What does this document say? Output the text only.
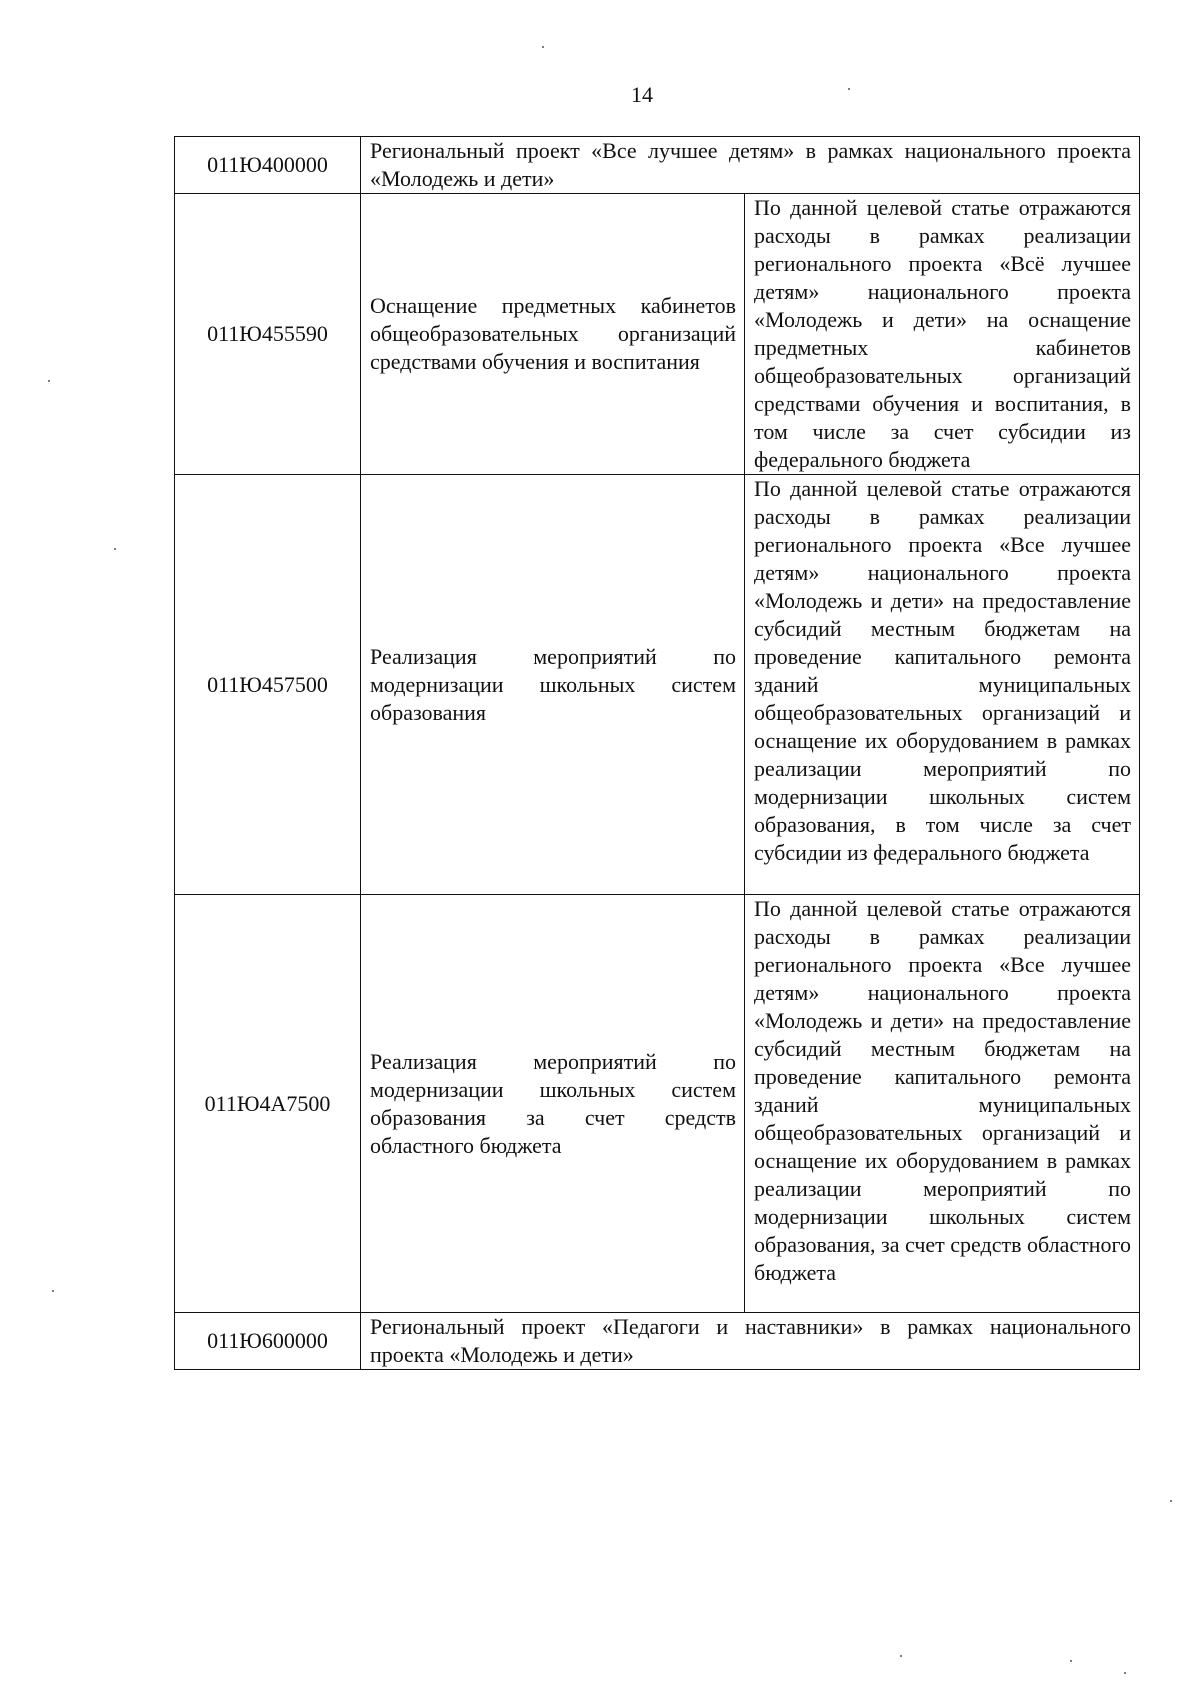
14
011Ю400000	Региональный проект «Все лучшее детям» в рамках национального проекта «Молодежь и дети»	
011Ю455590	Оснащение предметных кабинетов общеобразовательных организаций средствами обучения и воспитания	По данной целевой статье отражаются расходы в рамках реализации регионального проекта «Всё лучшее детям» национального проекта «Молодежь и дети» на оснащение предметных кабинетов общеобразовательных организаций средствами обучения и воспитания, в том числе за счет субсидии из федерального бюджета
011Ю457500	Реализация мероприятий по модернизации школьных систем образования	По данной целевой статье отражаются расходы в рамках реализации регионального проекта «Все лучшее детям» национального проекта «Молодежь и дети» на предоставление субсидий местным бюджетам на проведение капитального ремонта зданий муниципальных общеобразовательных организаций и оснащение их оборудованием в рамках реализации мероприятий по модернизации школьных систем образования, в том числе за счет субсидии из федерального бюджета
011Ю4А7500	Реализация мероприятий по модернизации школьных систем образования за счет средств областного бюджета	По данной целевой статье отражаются расходы в рамках реализации регионального проекта «Все лучшее детям» национального проекта «Молодежь и дети» на предоставление субсидий местным бюджетам на проведение капитального ремонта зданий муниципальных общеобразовательных организаций и оснащение их оборудованием в рамках реализации мероприятий по модернизации школьных систем образования, за счет средств областного бюджета
011Ю600000	Региональный проект «Педагоги и наставники» в рамках национального проекта «Молодежь и дети»	
